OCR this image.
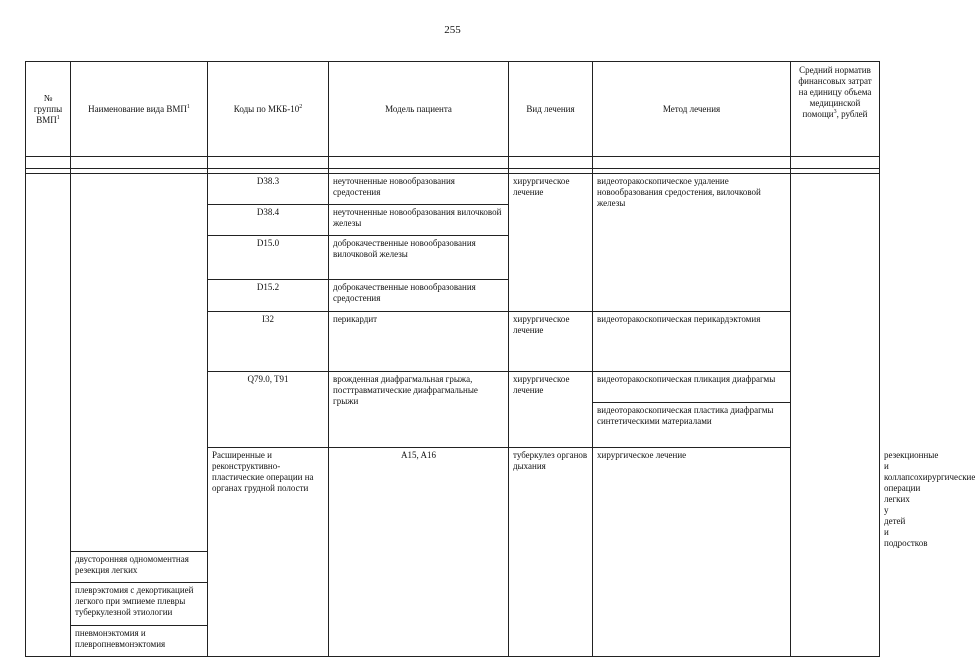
255
№ группы ВМП$^1$	Наименование вида ВМП$^1$	Коды по МКБ-$10^2$	Модель пациента	Вид лечения	Метод лечения	Средний норматив финансовых затрат на единицу объема медицинской помощи$^3$, рублей	

		D38.3	неуточненные новообразования средостения	хирургическое лечение	видеоторакоскопическое удаление новообразования средостения, вилочковой железы		
		D38.4	неуточненные новообразования вилочковой железы				
		D15.0	доброкачественные новообразования вилочковой железы				
		D15.2	доброкачественные новообразования средостения				
		I32	перикардит	хирургическое лечение	видеоторакоскопическая перикардэктомия		
		Q79.0, T91	врожденная диафрагмальная грыжа, посттравматические диафрагмальные грыжи	хирургическое лечение	видеоторакоскопическая пликация диафрагмы		
					видеоторакоскопическая пластика диафрагмы синтетическими материалами		
		Расширенные и реконструктивно-пластические операции на органах грудной полости	A15, A16	туберкулез органов дыхания	хирургическое лечение		резекционные и коллапсохирургические операции легких у детей и подростков
	двусторонняя одномоментная резекция легких						
	плеврэктомия с декортикацией легкого при эмпиеме плевры туберкулезной этиологии						
	пневмонэктомия и плевропневмонэктомия						
